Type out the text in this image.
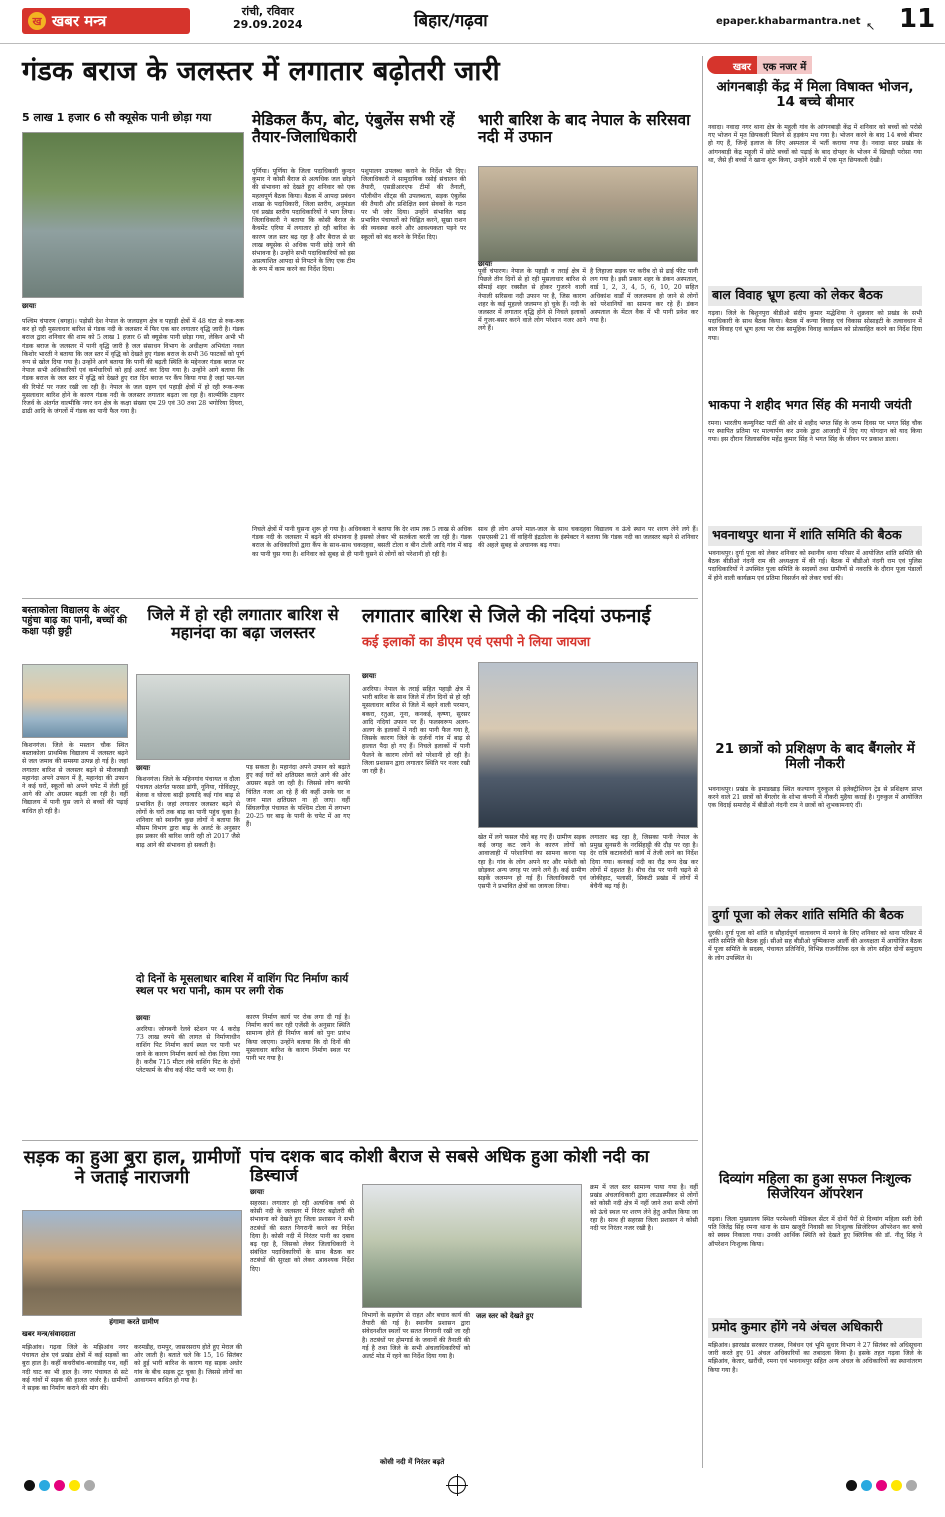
ख खबर मन्त्र
रांची, रविवार
29.09.2024	बिहार/गढ़वा	epaper.khabarmantra.net ↖ 11
गंडक बराज के जलस्तर में लगातार बढ़ोतरी जारी	खबर	एक नजर में
5 लाख 1 हजार 6 सौ क्यूसेक पानी छोड़ा गया
छायाः
पश्चिम चंपारण (बगहा)। पड़ोसी देश नेपाल के जलग्रहण क्षेत्र व पहाड़ी क्षेत्रों में 48 घंटा से रुक-रुक कर हो रही मुसलाधार बारिश से गंडक नदी के जलस्तर में फिर एक बार लगातार वृद्धि जारी है। गंडक बराज द्वारा शनिवार की शाम को 5 लाख 1 हजार 6 सौ क्यूसेक पानी छोड़ा गया, लेकिन अभी भी गंडक बराज के जलस्तर में पानी वृद्धि जारी है जल संसाधन विभाग के अधीक्षण अभियंता नवल किशोर भारती ने बताया कि जल स्तर में वृद्धि को देखते हुए गंडक बराज के सभी 36 फाटकों को पूर्ण रूप से खोल दिया गया है। उन्होंने आगे बताया कि पानी की बढ़ती स्थिति के मद्देनजर गंडक बराज पर नेपाल सभी अधिकारियों एवं कर्मचारियों को हाई अलर्ट कर दिया गया है। उन्होंने आगे बताया कि गंडक बराज के जल स्तर में वृद्धि को देखते हुए रात दिन बराज पर कैंप किया गया है जहां पल-पल की रिपोर्ट पर नजर रखी जा रही है। नेपाल के जल ग्रहण एवं पहाड़ी क्षेत्रों में हो रही रूक-रूक मुसलाधार बारिश होने के कारण गंडक नदी के जलस्तर लगातार बढ़ता जा रहा है। वाल्मीकि टाइगर रिजर्व के अंतर्गत वाल्मीकि नगर वन क्षेत्र के कक्षा संख्या एम 29 एवं 30 तथा 28 भगोरिया दियरा, ढाढी आदि के जंगलों में गंडक का पानी फैल गया है।
मेडिकल कैंप, बोट, एंबुलेंस सभी रहें तैयार-जिलाधिकारी
पूर्णिया। पूर्णिया के जिला पदाधिकारी कुन्दन कुमार ने कोसी बैराज से अत्यधिक जल छोड़ने की संभावना को देखते हुए शनिवार को एक महत्वपूर्ण बैठक किया। बैठक में आपदा प्रबंधन शाखा के पदाधिकारी, जिला स्तरीय, अनुमंडल एवं प्रखंड स्तरीय पदाधिकारियों ने भाग लिया। जिलाधिकारी ने बताया कि कोसी बैराज के कैचमेंट एरिया में लगातार हो रही बारिश के कारण जल स्तर बढ़ रहा है और बैराज से छः लाख क्यूसेक से अधिक पानी छोड़े जाने की संभावना है। उन्होंने सभी पदाधिकारियों को इस अप्रत्याशित आपदा से निपटने के लिए एक टीम के रूप में काम करने का निर्देश दिया।
पशुपालन उपलब्ध कराने के निर्देश भी दिए। जिलाधिकारी ने सामुदायिक रसोई संचालन की तैयारी, एसडीआरएफ टीमों की तैनाती, पॉलीथीन शीट्स की उपलब्धता, सड़क एंबुलेंस की तैयारी और प्रशिक्षित स्वयं सेवकों के गठन पर भी जोर दिया। उन्होंने संभावित बाढ़ प्रभावित पंचायतों को चिह्नित करने, सूखा राशन की व्यवस्था करने और आवश्यकता पड़ने पर स्कूलों को बंद करने के निर्देश दिए।
भारी बारिश के बाद नेपाल के सरिसवा नदी में उफान
छायाः
पूर्वी चंपारण। नेपाल के पहाड़ी व तराई क्षेत्र में पिछले तीन दिनों से हो रही मूसलाधार बारिश से सीमाई शहर रक्सौल से होकर गुजरने वाली नेपाली सरिसवा नदी उफान पर है, जिस कारण शहर के कई मुहल्ले जलमग्न हो चुके हैं। नदी के जलस्तर में लगातार वृद्धि होने से निचले इलाकों में गुजर-बसर करने वाले लोग परेशान नजर आने लगे हैं।
है लिहाजा सड़क पर करीब दो से ढाई फीट पानी लग गया है। इसी प्रकार शहर के डंकन अस्पताल, वार्ड 1, 2, 3, 4, 5, 6, 10, 20 सहित अधिकांश वार्डों में जलजमाव हो जाने से लोगों को परेशानियों का सामना कर रहे हैं। डंकन अस्पताल के मेंटल वैक में भी पानी प्रवेश कर गया है।
निचले क्षेत्रों में पानी घुसना शुरू हो गया है। अधिवक्ता ने बताया कि देर शाम तक 5 लाख से अधिक गंडक नदी के जलस्तर में बढ़ने की संभावना है इसको लेकर भी सतर्कता बरती जा रही है। गंडक बराज के अधिकारियों द्वारा कैंप के साथ-साथ चकदहवा, बसती टोला व बीन टोली आदि गांव में बाढ़ का पानी घुस गया है। शनिवार को सुबह से ही पानी घुसने से लोगों को परेशानी हो रही है।
साथ ही लोग अपने माल-जाल के साथ चकदहवा विद्यालय व ऊंचे स्थान पर शरण लेने लगे हैं। एसएसबी 21 वीं वाहिनी इंद्रठोला के इंस्पेक्टर ने बताया कि गंडक नदी का जलस्तर बढ़ने से शनिवार की अहले सुबह से अचानक बढ़ गया।
बस्ताकोला विद्यालय के अंदर पहुंचा बाढ़ का पानी, बच्चों की कक्षा पड़ी छुट्टी
किशनगंज। जिले के मस्तान चौक स्थित बस्ताकोला प्राथमिक विद्यालय में जलस्तर बढ़ने से जल जमाव की समस्या उत्पन्न हो गई है। जहां लगातार बारिश से जलस्तर बढ़ने से मौजाबाड़ी महानंदा अपने उफान में है, महानंदा की उफान ने कई घरों, स्कूलों को अपने चपेट में लेती हुई आगे की ओर अग्रसर बढ़ती जा रही है। वहीं विद्यालय में पानी घुस जाने से बच्चों की पढ़ाई बाधित हो रही है।
जिले में हो रही लगातार बारिश से महानंदा का बढ़ा जलस्तर
छायाः
किशनगंज। जिले के महिनगांव पंचायत व दौला पंचायत अंतर्गत फरसा डांगी, नूनिया, गोविंदपुर, बेलवा व घोरला बाढ़ी इत्यादि कई गांव बाढ़ से प्रभावित हैं। जहां लगातार जलस्तर बढ़ने से लोगों के घरों तक बाढ़ का पानी पहुंच चुका है। शनिवार को स्थानीय कुछ लोगों ने बताया कि मौसम विभाग द्वारा बाढ़ के अलर्ट के अनुसार इस प्रकार की बारिश जारी रही तो 2017 जैसे बाढ़ आने की संभावना हो सकती है।
पड़ सकता है। महानंदा अपने उफान को बढ़ाते हुए कई घरों को क्षतिग्रस्त करते आगे की ओर अग्रसर बढ़ते जा रही है। जिससे लोग काफी चिंतित नजर आ रहे हैं की कहीं उनके घर व जान माल क्षतिग्रस्त ना हो जाए। वहीं सिंघलगीज़ पंचायत के पश्चिम टोला में लगभग 20-25 घर बाढ़ के पानी के चपेट में आ गए हैं।
दो दिनों के मूसलाधार बारिश में वाशिंग पिट निर्माण कार्य स्थल पर भरा पानी, काम पर लगी रोक
छायाः
अररिया। जोगबनी रेलवे स्टेशन पर 4 करोड़ 73 लाख रुपये की लागत से निर्माणाधीन वाशिंग पिट निर्माण कार्य स्थल पर पानी भर जाने के कारण निर्माण कार्य को रोक दिया गया है। करीब 715 मीटर लंबे वाशिंग पिट के दोनों प्लेटफार्म के बीच कई फीट पानी भर गया है।
कारण निर्माण कार्य पर रोक लगा दी गई है। निर्माण कार्य कर रही एजेंसी के अनुसार स्थिति सामान्य होते ही निर्माण कार्य को पुनः प्रारंभ किया जाएगा। उन्होंने बताया कि दो दिनों की मूसलाधार बारिश के कारण निर्माण स्थल पर पानी भर गया है।
लगातार बारिश से जिले की नदियां उफनाई
कई इलाकों का डीएम एवं एसपी ने लिया जायजा
छायाः
अररिया। नेपाल के तराई सहित पहाड़ी क्षेत्र में भारी बारिश के साथ जिले में तीन दिनों से हो रही मूसलाधार बारिश से जिले में बहने वाली परमान, बकरा, रतुआ, नूना, कनकई, कृष्णा, सुरसर आदि नदियां उफान पर हैं। फलस्वरूप अलग-अलग के इलाकों में नदी का पानी फैल गया है, जिसके कारण जिले के दर्जनों गांव में बाढ़ से हालात पैदा हो गए हैं। निचले इलाकों में पानी फैलने के कारण लोगों को परेशानी हो रही है। जिला प्रशासन द्वारा लगातार स्थिति पर नजर रखी जा रही है।
खेत में लगे फसल पौधे बह गए हैं। ग्रामीण सड़क कई जगह कट जाने के कारण लोगों को आवाजाही में परेशानियां का सामना करना पड़ रहा है। गांव के लोग अपने घर और मवेशी को छोड़कर अन्य जगह पर जाने लगे हैं। कई ग्रामीण सड़कें जलमग्न हो गई हैं। जिलाधिकारी एवं एसपी ने प्रभावित क्षेत्रों का जायजा लिया।
लगातार बढ़ रहा है, जिसका पानी नेपाल के प्रमुख सुनसरी के नरसिंहाट्टी की दौड़ पर रहा है। देर रात्रि कटावरोधी कार्य में तेजी लाने का निर्देश दिया गया। कनकई नदी का रौद्र रूप देख कर लोगों में दहशत है। बीच रोड पर पानी चढ़ने से जोकीहाट, पलासी, सिकटी प्रखंड में लोगों में बेचैनी बढ़ गई है।
सड़क का हुआ बुरा हाल, ग्रामीणों ने जताई नाराजगी
हंगामा करते ग्रामीण
खबर मन्त्र/संवाददाता
मझिआंव। गढ़वा जिले के मझिआंव नगर पंचायत क्षेत्र एवं प्रखंड क्षेत्रों में कई सड़कों का बुरा हाल है। कहीं कचरीबांध-बरवाडीह पथ, वहीं नदी घाट का भी हाल है। नगर पंचायत से सटे कई गांवों में सड़क की हालत जर्जर है। ग्रामीणों ने सड़क का निर्माण कराने की मांग की।
करमडीह, रामपुर, जासरसराय होते हुए मेराल की ओर जाती है। बताते चले कि 15, 16 सितंबर को हुई भारी बारिश के कारण यह सड़क अधोर गांव के बीच सड़क टूट चुका है। जिससे लोगों का आवागमन बाधित हो गया है।
पांच दशक बाद कोशी बैराज से सबसे अधिक हुआ कोशी नदी का डिस्चार्ज
छायाः
सहरसा। लगातार हो रही अत्यधिक वर्षा से कोसी नदी के जलस्तर में निरंतर बढ़ोतरी की संभावना को देखते हुए जिला प्रशासन ने सभी तटबंधों की सतत निगरानी करने का निर्देश दिया है। कोसी नदी में निरंतर पानी का दबाव बढ़ रहा है, जिसको लेकर जिलाधिकारी ने संबंधित पदाधिकारियों के साथ बैठक कर तटबंधों की सुरक्षा को लेकर आवश्यक निर्देश दिए।
जल स्तर को देखते हुए
विभागों के सहयोग से राहत और बचाव कार्य की तैयारी की गई है। स्थानीय प्रशासन द्वारा संवेदनशील स्थलों पर सतत निगरानी रखी जा रही है। तटबंधों पर होमगार्ड के जवानों की तैनाती की गई है तथा जिले के सभी अंचलाधिकारियों को अलर्ट मोड में रहने का निर्देश दिया गया है।
क्रम में जल स्तर सामान्य पाया गया है। वहीं प्रखंड अंचलाधिकारी द्वारा लाउडस्पीकर से लोगों को कोसी नदी क्षेत्र में नहीं जाने तथा सभी लोगों को ऊंचे स्थल पर शरण लेने हेतु अपील किया जा रहा है। साथ ही सहरसा जिला प्रशासन ने कोसी नदी पर निरंतर नजर रखी है।
कोसी नदी में निरंतर बढ़ते
आंगनबाड़ी केंद्र में मिला विषाक्त भोजन, 14 बच्चे बीमार
नवादा। नवादा नगर थाना क्षेत्र के महूली गांव के आंगनबाड़ी केंद्र में शनिवार को बच्चों को परोसे गए भोजन में मृत छिपकली मिलने से हड़कंप मच गया है। भोजन करने के बाद 14 बच्चे बीमार हो गए हैं, जिन्हें इलाज के लिए अस्पताल में भर्ती कराया गया है। नवादा सदर प्रखंड के आंगनबाड़ी केंद्र महूली में छोटे बच्चों को पढ़ाई के बाद दोपहर के भोजन में खिचड़ी परोसा गया था, जैसे ही बच्चों ने खाना शुरू किया, उन्होंने थाली में एक मृत छिपकली देखी।
बाल विवाह भ्रूण हत्या को लेकर बैठक
गढ़वा। जिले के बिशुनपुरा बीडीओ संदीप कुमार मद्धेशिया ने शुक्रवार को प्रखंड के सभी पदाधिकारी के साथ बैठक किया। बैठक में कन्या विवाह एवं विकास सोसाइटी के तत्वावधान में बाल विवाह एवं भ्रूण हत्या पर रोक सामूहिक विवाह कार्यक्रम को प्रोत्साहित करने का निर्देश दिया गया।
भाकपा ने शहीद भगत सिंह की मनायी जयंती
रमना। भारतीय कम्युनिस्ट पार्टी की ओर से शहीद भगत सिंह के जन्म दिवस पर भगत सिंह चौक पर स्थापित प्रतिमा पर माल्यार्पण कर उनके द्वारा आजादी में दिए गए योगदान को याद किया गया। इस दौरान जिलासचिव महेंद्र कुमार सिंह ने भगत सिंह के जीवन पर प्रकाश डाला।
भवनाथपुर थाना में शांति समिति की बैठक
भवनाथपुर। दुर्गा पूजा को लेकर शनिवार को स्थानीय थाना परिसर में आयोजित शांति समिति की बैठक बीडीओ नंदनी राम की अध्यक्षता में की गई। बैठक में बीडीओ नंदनी राम एवं पुलिस पदाधिकारियों ने उपस्थित पूजा समिति के सदस्यों तथा ग्रामीणों से नवरात्रि के दौरान पूजा पंडालों में होने वाली कार्यक्रम एवं प्रतिमा विसर्जन को लेकर चर्चा की।
21 छात्रों को प्रशिक्षण के बाद बैंगलोर में मिली नौकरी
भवनाथपुर। प्रखंड के इमाडखाड़ स्थित कल्याण गुरुकुल से इलेक्ट्रीशियन ट्रेड से प्रशिक्षण प्राप्त करने वाले 21 छात्रों को बैंगलोर के शोभा कंपनी में नौकरी मुहैया कराई है। गुरुकुल में आयोजित एक विदाई समारोह में बीडीओ नंदनी राम ने छात्रों को शुभकामनाएं दीं।
दुर्गा पूजा को लेकर शांति समिति की बैठक
धुरकी। दुर्गा पूजा को शांति व सौहार्दपूर्ण वातावरण में मनाने के लिए शनिवार को थाना परिसर में शांति समिति की बैठक हुई। सीओ सह बीडीओ पुष्पिकान्त आर्ली की अध्यक्षता में आयोजित बैठक में पूजा समिति के सदस्य, पंचायत प्रतिनिधि, विभिन्न राजनीतिक दल के लोग सहित दोनों समुदाय के लोग उपस्थित थे।
दिव्यांग महिला का हुआ सफल निःशुल्क सिजेरियन ऑपरेशन
गढ़वा। जिला मुख्यालय स्थित परमेश्वरी मेडिकल सेंटर में दोनों पैरों से दिव्यांग महिला सती देवी पति जितेंद्र सिंह रमना थाना के ग्राम खजूरी निवासी का निःशुल्क सिजेरियन ऑपरेशन कर बच्चे को स्वस्थ निकाला गया। उनकी आर्थिक स्थिति को देखते हुए क्लिनिक की डॉ. नीतू सिंह ने ऑपरेशन निःशुल्क किया।
प्रमोद कुमार होंगे नये अंचल अधिकारी
मझिआंव। झारखंड सरकार राजस्व, निबंधन एवं भूमि सुधार विभाग ने 27 सितंबर को अधिसूचना जारी करते हुए 91 अंचल अधिकारियों का तबादला किया है। इसके तहत गढ़वा जिले के मझिआंव, केतार, खरौंधी, रमना एवं भवनाथपुर सहित अन्य अंचल के अधिकारियों का स्थानांतरण किया गया है।
